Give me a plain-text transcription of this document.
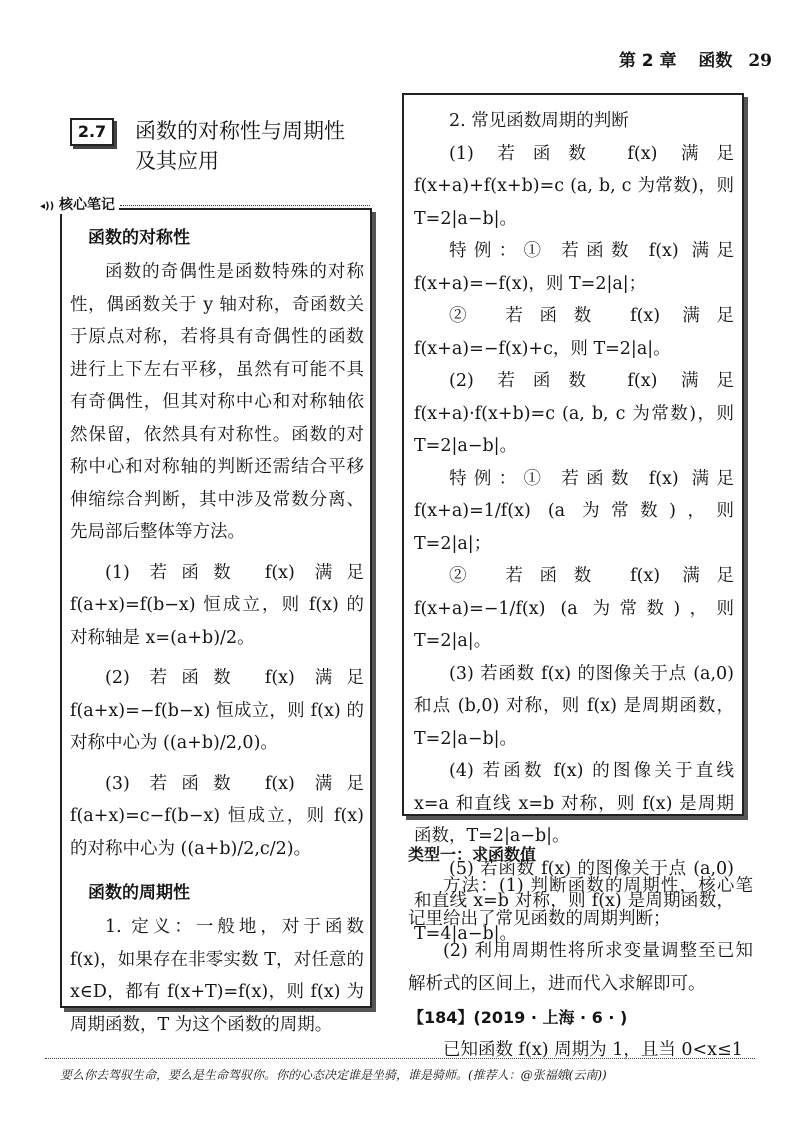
第 2 章 函数 29
2.7	函数的对称性与周期性
及其应用
◂)) 核心笔记
函数的对称性

函数的奇偶性是函数特殊的对称性，偶函数关于 y 轴对称，奇函数关于原点对称，若将具有奇偶性的函数进行上下左右平移，虽然有可能不具有奇偶性，但其对称中心和对称轴依然保留，依然具有对称性。函数的对称中心和对称轴的判断还需结合平移伸缩综合判断，其中涉及常数分离、先局部后整体等方法。

(1) 若函数 f(x) 满足 f(a+x)=f(b−x) 恒成立，则 f(x) 的对称轴是 x=(a+b)/2。

(2) 若函数 f(x) 满足 f(a+x)=−f(b−x) 恒成立，则 f(x) 的对称中心为 ((a+b)/2,0)。

(3) 若函数 f(x) 满足 f(a+x)=c−f(b−x) 恒成立，则 f(x) 的对称中心为 ((a+b)/2,c/2)。

函数的周期性

1. 定义：一般地，对于函数 f(x)，如果存在非零实数 T，对任意的 x∈D，都有 f(x+T)=f(x)，则 f(x) 为周期函数，T 为这个函数的周期。

2. 常见函数周期的判断

(1) 若函数 f(x) 满足 f(x+a)+f(x+b)=c (a, b, c 为常数)，则 T=2|a−b|。

特例：① 若函数 f(x) 满足 f(x+a)=−f(x)，则 T=2|a|；

② 若函数 f(x) 满足 f(x+a)=−f(x)+c，则 T=2|a|。

(2) 若函数 f(x) 满足 f(x+a)·f(x+b)=c (a, b, c 为常数)，则 T=2|a−b|。

特例：① 若函数 f(x) 满足 f(x+a)=1/f(x) (a 为常数)，则 T=2|a|；

② 若函数 f(x) 满足 f(x+a)=−1/f(x) (a 为常数)，则 T=2|a|。

(3) 若函数 f(x) 的图像关于点 (a,0) 和点 (b,0) 对称，则 f(x) 是周期函数，T=2|a−b|。

(4) 若函数 f(x) 的图像关于直线 x=a 和直线 x=b 对称，则 f(x) 是周期函数，T=2|a−b|。

(5) 若函数 f(x) 的图像关于点 (a,0) 和直线 x=b 对称，则 f(x) 是周期函数，T=4|a−b|。

类型一：求函数值

方法：(1) 判断函数的周期性，核心笔记里给出了常见函数的周期判断；

(2) 利用周期性将所求变量调整至已知解析式的区间上，进而代入求解即可。

【184】(2019 · 上海 · 6 · )

已知函数 f(x) 周期为 1，且当 0<x≤1

要么你去驾驭生命，要么是生命驾驭你。你的心态决定谁是坐骑，谁是骑师。(推荐人：@张福娥(云南))
